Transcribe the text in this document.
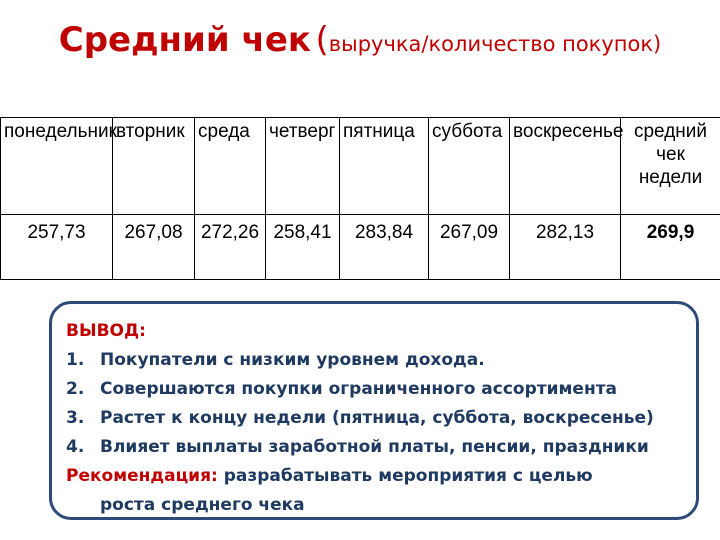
Средний чек (выручка/количество покупок)
понедельник	вторник	среда	четверг	пятница	суббота	воскресенье	средний чек недели
257,73	267,08	272,26	258,41	283,84	267,09	282,13	269,9
ВЫВОД:
1. Покупатели с низким уровнем дохода.
2. Совершаются покупки ограниченного ассортимента
3. Растет к концу недели (пятница, суббота, воскресенье)
4. Влияет выплаты заработной платы, пенсии, праздники
Рекомендация: разрабатывать мероприятия с целью
роста среднего чека
